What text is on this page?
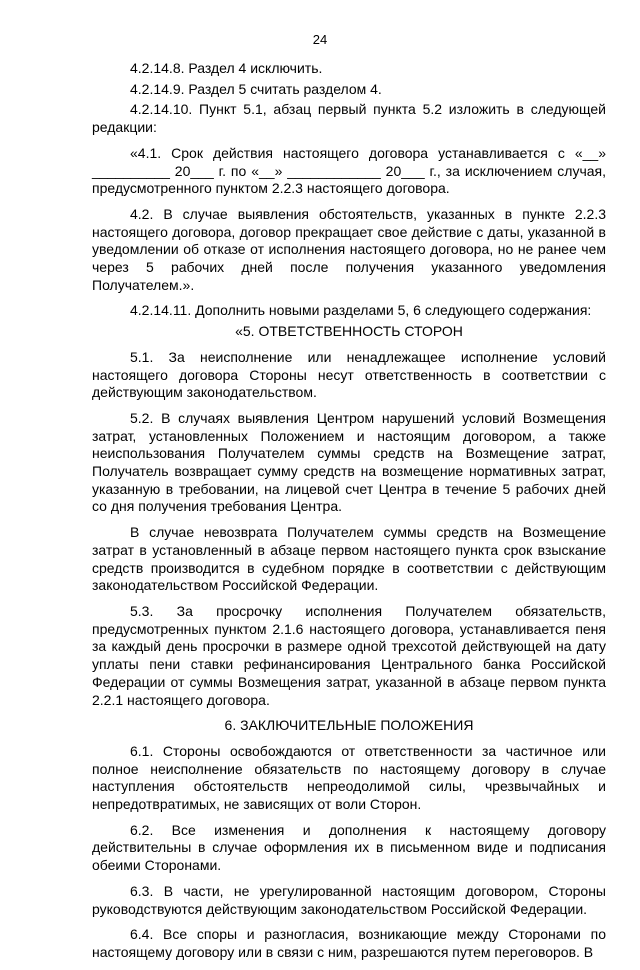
24

4.2.14.8. Раздел 4 исключить.

4.2.14.9. Раздел 5 считать разделом 4.

4.2.14.10. Пункт 5.1, абзац первый пункта 5.2 изложить в следующей редакции:

«4.1. Срок действия настоящего договора устанавливается с «__» __________ 20___ г. по «__» ____________ 20___ г., за исключением случая, предусмотренного пунктом 2.2.3 настоящего договора.

4.2. В случае выявления обстоятельств, указанных в пункте 2.2.3 настоящего договора, договор прекращает свое действие с даты, указанной в уведомлении об отказе от исполнения настоящего договора, но не ранее чем через 5 рабочих дней после получения указанного уведомления Получателем.».

4.2.14.11. Дополнить новыми разделами 5, 6 следующего содержания:

«5. ОТВЕТСТВЕННОСТЬ СТОРОН

5.1. За неисполнение или ненадлежащее исполнение условий настоящего договора Стороны несут ответственность в соответствии с действующим законодательством.

5.2. В случаях выявления Центром нарушений условий Возмещения затрат, установленных Положением и настоящим договором, а также неиспользования Получателем суммы средств на Возмещение затрат, Получатель возвращает сумму средств на возмещение нормативных затрат, указанную в требовании, на лицевой счет Центра в течение 5 рабочих дней со дня получения требования Центра.

В случае невозврата Получателем суммы средств на Возмещение затрат в установленный в абзаце первом настоящего пункта срок взыскание средств производится в судебном порядке в соответствии с действующим законодательством Российской Федерации.

5.3. За просрочку исполнения Получателем обязательств, предусмотренных пунктом 2.1.6 настоящего договора, устанавливается пеня за каждый день просрочки в размере одной трехсотой действующей на дату уплаты пени ставки рефинансирования Центрального банка Российской Федерации от суммы Возмещения затрат, указанной в абзаце первом пункта 2.2.1 настоящего договора.

6. ЗАКЛЮЧИТЕЛЬНЫЕ ПОЛОЖЕНИЯ

6.1. Стороны освобождаются от ответственности за частичное или полное неисполнение обязательств по настоящему договору в случае наступления обстоятельств непреодолимой силы, чрезвычайных и непредотвратимых, не зависящих от воли Сторон.

6.2. Все изменения и дополнения к настоящему договору действительны в случае оформления их в письменном виде и подписания обеими Сторонами.

6.3. В части, не урегулированной настоящим договором, Стороны руководствуются действующим законодательством Российской Федерации.

6.4. Все споры и разногласия, возникающие между Сторонами по настоящему договору или в связи с ним, разрешаются путем переговоров. В
